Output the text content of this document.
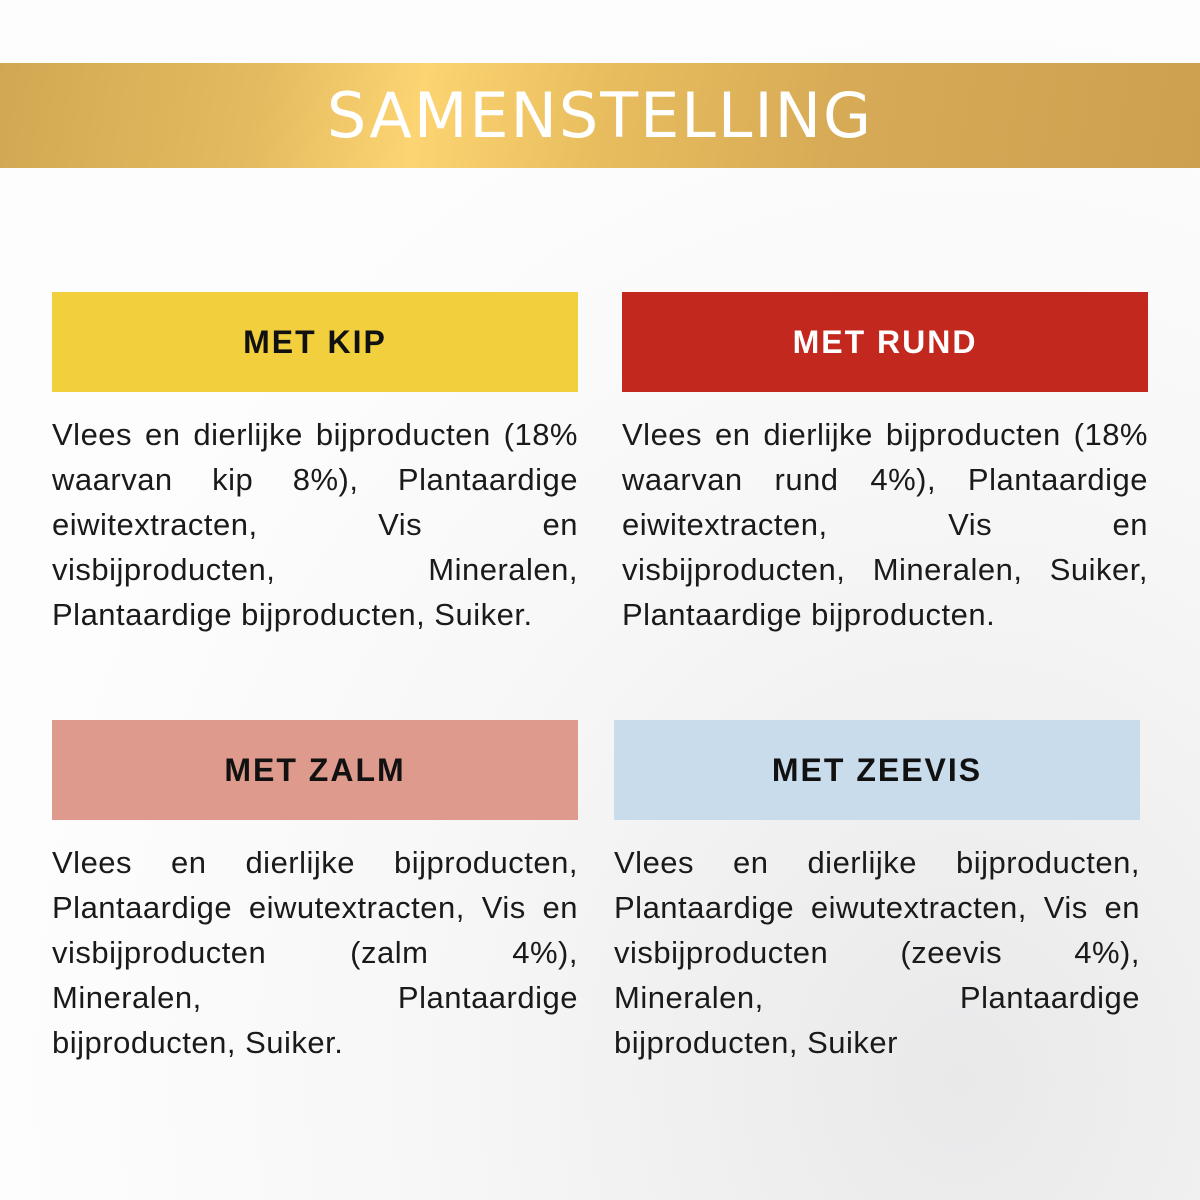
SAMENSTELLING
MET KIP
Vlees en dierlijke bijproducten (18% waarvan kip 8%), Plantaardige eiwitextracten, Vis en visbijproducten, Mineralen, Plantaardige bijproducten, Suiker.
MET RUND
Vlees en dierlijke bijproducten (18% waarvan rund 4%), Plantaardige eiwitextracten, Vis en visbijproducten, Mineralen, Suiker, Plantaardige bijproducten.
MET ZALM
Vlees en dierlijke bijproducten, Plantaardige eiwutextracten, Vis en visbijproducten (zalm 4%), Mineralen, Plantaardige bijproducten, Suiker.
MET ZEEVIS
Vlees en dierlijke bijproducten, Plantaardige eiwutextracten, Vis en visbijproducten (zeevis 4%), Mineralen, Plantaardige bijproducten, Suiker
